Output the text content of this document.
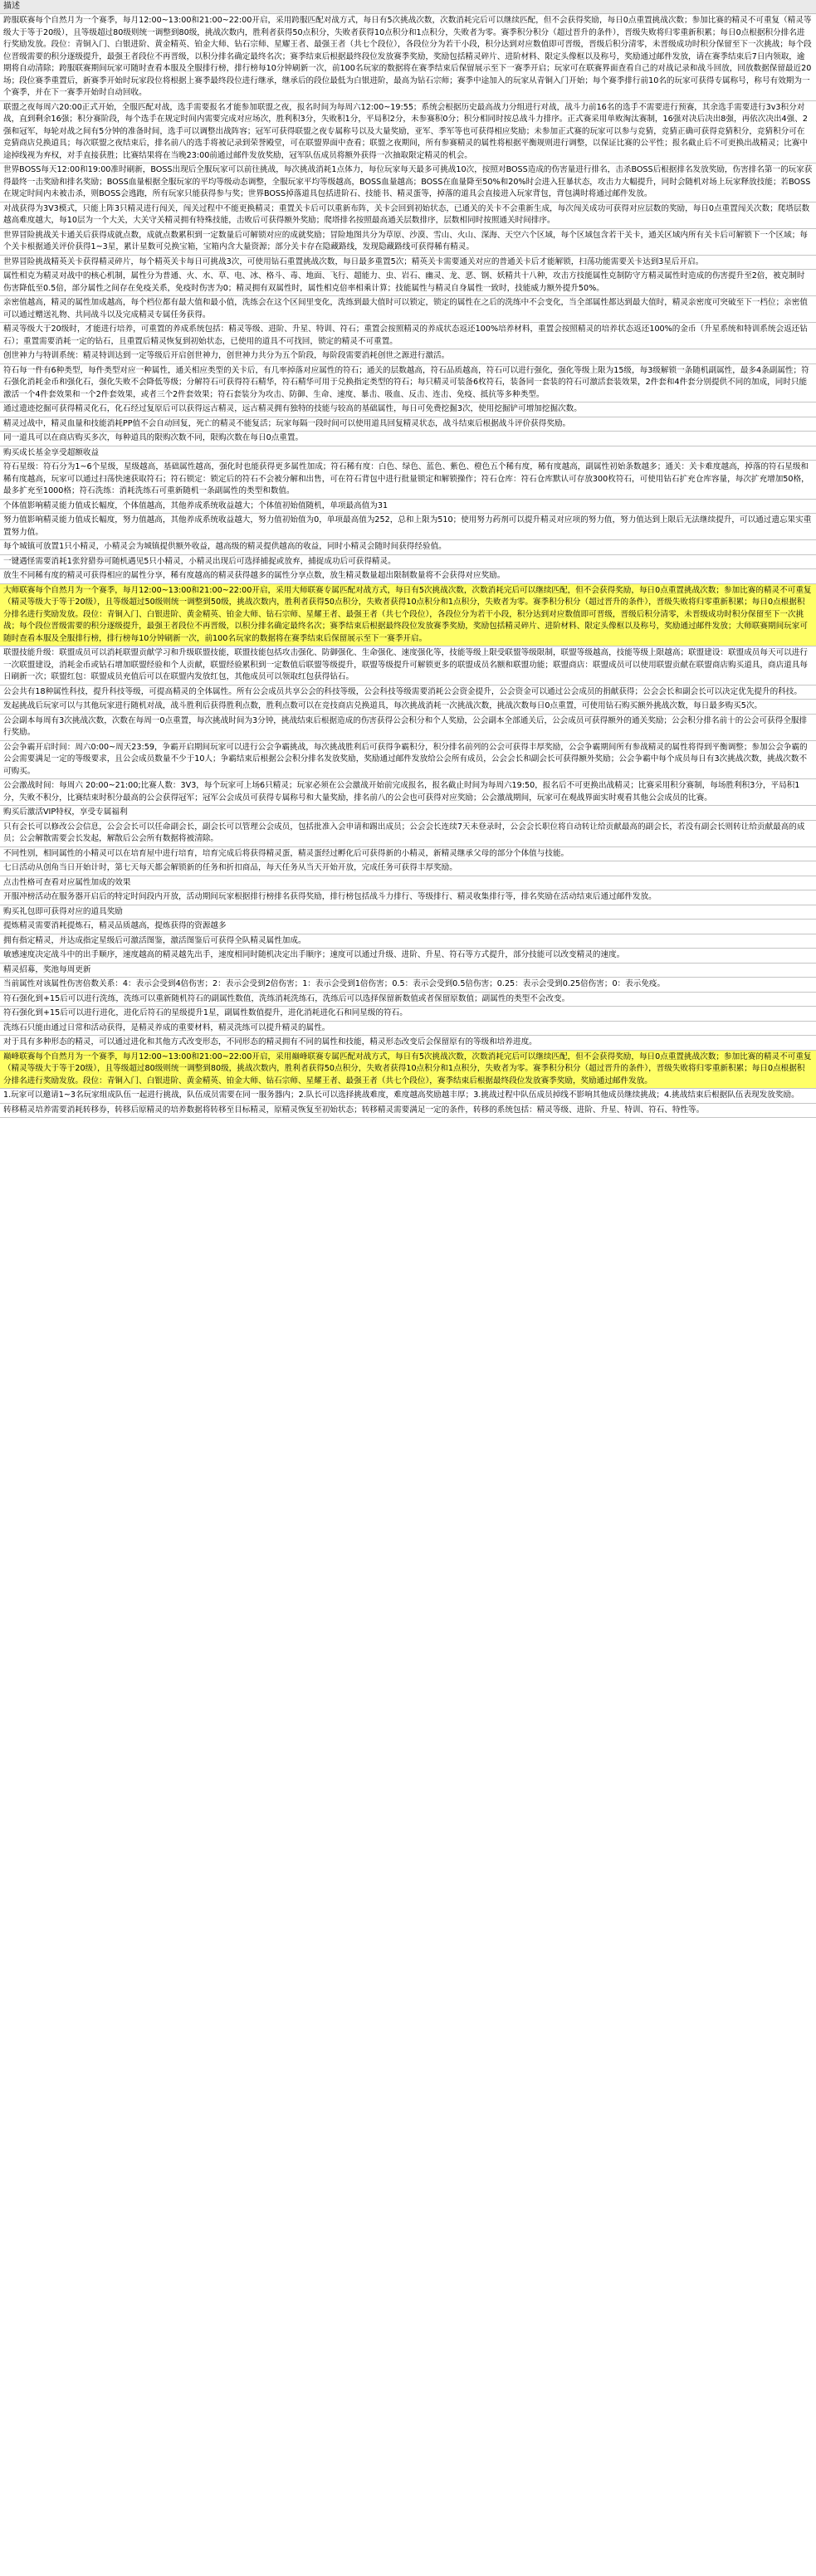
描述
跨服联赛每个自然月为一个赛季，每月12:00~13:00和21:00~22:00开启，采用跨服匹配对战方式，每日有5次挑战次数，次数消耗完后可以继续匹配，但不会获得奖励，每日0点重置挑战次数；参加比赛的精灵不可重复（精灵等级大于等于20级），且等级超过80级则统一调整到80级，挑战次数内，胜利者获得50点积分，失败者获得10点积分和1点积分，失败者为零。赛季积分积分（超过晋升的条件），晋级失败将归零重新积累；每日0点根据积分排名进行奖励发放。段位：青铜入门、白银进阶、黄金精英、铂金大师、钻石宗师、星耀王者、最强王者（共七个段位），各段位分为若干小段，积分达到对应数值即可晋级，晋级后积分清零，未晋级成功时积分保留至下一次挑战；每个段位晋级需要的积分逐级提升，最强王者段位不再晋级，以积分排名确定最终名次；赛季结束后根据最终段位发放赛季奖励，奖励包括精灵碎片、进阶材料、限定头像框以及称号，奖励通过邮件发放，请在赛季结束后7日内领取，逾期将自动清除；跨服联赛期间玩家可随时查看本服及全服排行榜，排行榜每10分钟刷新一次，前100名玩家的数据将在赛季结束后保留展示至下一赛季开启；玩家可在联赛界面查看自己的对战记录和战斗回放，回放数据保留最近20场；段位赛季重置后，新赛季开始时玩家段位将根据上赛季最终段位进行继承，继承后的段位最低为白银进阶，最高为钻石宗师；赛季中途加入的玩家从青铜入门开始；每个赛季排行前10名的玩家可获得专属称号，称号有效期为一个赛季，并在下一赛季开始时自动回收。
联盟之夜每周六20:00正式开始，全服匹配对战，选手需要报名才能参加联盟之夜，报名时间为每周六12:00~19:55；系统会根据历史最高战力分组进行对战，战斗力前16名的选手不需要进行预赛，其余选手需要进行3v3积分对战，直到剩余16强；积分赛阶段，每个选手在规定时间内需要完成对应场次，胜利积3分，失败积1分，平局积2分，未参赛积0分；积分相同时按总战斗力排序。正式赛采用单败淘汰赛制，16强对决后决出8强，再依次决出4强、2强和冠军，每轮对战之间有5分钟的准备时间，选手可以调整出战阵容；冠军可获得联盟之夜专属称号以及大量奖励，亚军、季军等也可获得相应奖励；未参加正式赛的玩家可以参与竞猜，竞猜正确可获得竞猜积分，竞猜积分可在竞猜商店兑换道具；每次联盟之夜结束后，排名前八的选手将被记录到荣誉殿堂，可在联盟界面中查看；联盟之夜期间，所有参赛精灵的属性将根据平衡规则进行调整，以保证比赛的公平性；报名截止后不可更换出战精灵；比赛中途掉线视为弃权，对手直接获胜；比赛结果将在当晚23:00前通过邮件发放奖励，冠军队伍成员将额外获得一次抽取限定精灵的机会。
世界BOSS每天12:00和19:00准时刷新，BOSS出现后全服玩家可以前往挑战，每次挑战消耗1点体力，每位玩家每天最多可挑战10次，按照对BOSS造成的伤害量进行排名，击杀BOSS后根据排名发放奖励，伤害排名第一的玩家获得最终一击奖励和排名奖励；BOSS血量根据全服玩家的平均等级动态调整，全服玩家平均等级越高，BOSS血量越高；BOSS在血量降至50%和20%时会进入狂暴状态，攻击力大幅提升，同时会随机对场上玩家释放技能；若BOSS在规定时间内未被击杀，则BOSS会逃跑，所有玩家只能获得参与奖；世界BOSS掉落道具包括进阶石、技能书、精灵蛋等，掉落的道具会直接进入玩家背包，背包满时将通过邮件发放。
对战获得为3V3模式，只能上阵3只精灵进行闯关，闯关过程中不能更换精灵；重置关卡后可以重新布阵，关卡会回到初始状态，已通关的关卡不会重新生成，每次闯关成功可获得对应层数的奖励，每日0点重置闯关次数；爬塔层数越高难度越大，每10层为一个大关，大关守关精灵拥有特殊技能，击败后可获得额外奖励；爬塔排名按照最高通关层数排序，层数相同时按照通关时间排序。
世界冒险挑战关卡通关后获得成就点数，成就点数累积到一定数量后可解锁对应的成就奖励；冒险地图共分为草原、沙漠、雪山、火山、深海、天空六个区域，每个区域包含若干关卡，通关区域内所有关卡后可解锁下一个区域；每个关卡根据通关评价获得1~3星，累计星数可兑换宝箱，宝箱内含大量资源；部分关卡存在隐藏路线，发现隐藏路线可获得稀有精灵。
世界冒险挑战精英关卡获得精灵碎片，每个精英关卡每日可挑战3次，可使用钻石重置挑战次数，每日最多重置5次；精英关卡需要通关对应的普通关卡后才能解锁，扫荡功能需要关卡达到3星后开启。
属性相克为精灵对战中的核心机制，属性分为普通、火、水、草、电、冰、格斗、毒、地面、飞行、超能力、虫、岩石、幽灵、龙、恶、钢、妖精共十八种，攻击方技能属性克制防守方精灵属性时造成的伤害提升至2倍，被克制时伤害降低至0.5倍，部分属性之间存在免疫关系，免疫时伤害为0；精灵拥有双属性时，属性相克倍率相乘计算；技能属性与精灵自身属性一致时，技能威力额外提升50%。
亲密值越高，精灵的属性加成越高，每个档位都有最大值和最小值，洗练会在这个区间里变化，洗练到最大值时可以锁定，锁定的属性在之后的洗练中不会变化，当全部属性都达到最大值时，精灵亲密度可突破至下一档位；亲密值可以通过赠送礼物、共同战斗以及完成精灵专属任务获得。
精灵等级大于20级时，才能进行培养，可重置的养成系统包括：精灵等级、进阶、升星、特训、符石；重置会按照精灵的养成状态返还100%培养材料，重置会按照精灵的培养状态返还100%的金币（升星系统和特训系统会返还钻石）；重置需要消耗一定的钻石，且重置后精灵恢复到初始状态，已使用的道具不可找回，锁定的精灵不可重置。
创世神力与特训系统：精灵特训达到一定等级后开启创世神力，创世神力共分为五个阶段，每阶段需要消耗创世之源进行激活。
符石每一件有6种类型，每件类型对应一种属性，通关相应类型的关卡后，有几率掉落对应属性的符石；通关的层数越高，符石品质越高，符石可以进行强化，强化等级上限为15级，每3级解锁一条随机副属性，最多4条副属性；符石强化消耗金币和强化石，强化失败不会降低等级；分解符石可获得符石精华，符石精华可用于兑换指定类型的符石；每只精灵可装备6枚符石，装备同一套装的符石可激活套装效果，2件套和4件套分别提供不同的加成，同时只能激活一个4件套效果和一个2件套效果，或者三个2件套效果；符石套装分为攻击、防御、生命、速度、暴击、吸血、反击、连击、免疫、抵抗等多种类型。
通过遗迹挖掘可获得精灵化石，化石经过复原后可以获得远古精灵，远古精灵拥有独特的技能与较高的基础属性，每日可免费挖掘3次，使用挖掘铲可增加挖掘次数。
精灵过战中，精灵血量和技能消耗PP值不会自动回复，死亡的精灵不能复活；玩家每隔一段时间可以使用道具回复精灵状态，战斗结束后根据战斗评价获得奖励。
同一道具可以在商店购买多次，每种道具的限购次数不同，限购次数在每日0点重置。
购买成长基金享受超额收益
符石星级：符石分为1~6个星级，星级越高，基础属性越高，强化时也能获得更多属性加成；符石稀有度：白色、绿色、蓝色、紫色、橙色五个稀有度，稀有度越高，副属性初始条数越多；通关：关卡难度越高，掉落的符石星级和稀有度越高，玩家可以通过扫荡快速获取符石；符石锁定：锁定后的符石不会被分解和出售，可在符石背包中进行批量锁定和解锁操作；符石仓库：符石仓库默认可存放300枚符石，可使用钻石扩充仓库容量，每次扩充增加50格，最多扩充至1000格；符石洗练：消耗洗练石可重新随机一条副属性的类型和数值。
个体值影响精灵能力值成长幅度，个体值越高，其他养成系统收益越大；个体值初始值随机，单项最高值为31
努力值影响精灵能力值成长幅度，努力值越高，其他养成系统收益越大，努力值初始值为0，单项最高值为252，总和上限为510；使用努力药剂可以提升精灵对应项的努力值，努力值达到上限后无法继续提升，可以通过遗忘果实重置努力值。
每个城镇可放置1只小精灵，小精灵会为城镇提供额外收益，越高级的精灵提供越高的收益，同时小精灵会随时间获得经验值。
一键遇怪需要消耗1张狩猎券可随机遇见5只小精灵，小精灵出现后可选择捕捉或放弃，捕捉成功后可获得精灵。
放生不同稀有度的精灵可获得相应的属性分享，稀有度越高的精灵获得越多的属性分享点数，放生精灵数量超出限制数量将不会获得对应奖励。
大师联赛每个自然月为一个赛季，每月12:00~13:00和21:00~22:00开启，采用大师联赛专属匹配对战方式，每日有5次挑战次数，次数消耗完后可以继续匹配，但不会获得奖励，每日0点重置挑战次数；参加比赛的精灵不可重复（精灵等级大于等于20级），且等级超过50级则统一调整到50级，挑战次数内，胜利者获得50点积分，失败者获得10点积分和1点积分，失败者为零。赛季积分积分（超过晋升的条件），晋级失败将归零重新积累；每日0点根据积分排名进行奖励发放。段位：青铜入门、白银进阶、黄金精英、铂金大师、钻石宗师、星耀王者、最强王者（共七个段位），各段位分为若干小段，积分达到对应数值即可晋级，晋级后积分清零，未晋级成功时积分保留至下一次挑战；每个段位晋级需要的积分逐级提升，最强王者段位不再晋级，以积分排名确定最终名次；赛季结束后根据最终段位发放赛季奖励，奖励包括精灵碎片、进阶材料、限定头像框以及称号，奖励通过邮件发放；大师联赛期间玩家可随时查看本服及全服排行榜，排行榜每10分钟刷新一次，前100名玩家的数据将在赛季结束后保留展示至下一赛季开启。
联盟技能升级：联盟成员可以消耗联盟贡献学习和升级联盟技能，联盟技能包括攻击强化、防御强化、生命强化、速度强化等，技能等级上限受联盟等级限制，联盟等级越高，技能等级上限越高；联盟建设：联盟成员每天可以进行一次联盟建设，消耗金币或钻石增加联盟经验和个人贡献，联盟经验累积到一定数值后联盟等级提升，联盟等级提升可解锁更多的联盟成员名额和联盟功能；联盟商店：联盟成员可以使用联盟贡献在联盟商店购买道具，商店道具每日刷新一次；联盟红包：联盟成员充值后可以在联盟内发放红包，其他成员可以领取红包获得钻石。
公会共有18种属性科技，提升科技等级，可提高精灵的全体属性。所有公会成员共享公会的科技等级，公会科技等级需要消耗公会资金提升，公会资金可以通过公会成员的捐献获得；公会会长和副会长可以决定优先提升的科技。
发起挑战后玩家可以与其他玩家进行随机对战，战斗胜利后获得胜利点数，胜利点数可以在竞技商店兑换道具，每次挑战消耗一次挑战次数，挑战次数每日0点重置，可使用钻石购买额外挑战次数，每日最多购买5次。
公会副本每周有3次挑战次数，次数在每周一0点重置，每次挑战时间为3分钟，挑战结束后根据造成的伤害获得公会积分和个人奖励，公会副本全部通关后，公会成员可获得额外的通关奖励；公会积分排名前十的公会可获得全服排行奖励。
公会争霸开启时间：周六0:00~周天23:59，争霸开启期间玩家可以进行公会争霸挑战，每次挑战胜利后可获得争霸积分，积分排名前列的公会可获得丰厚奖励，公会争霸期间所有参战精灵的属性将得到平衡调整；参加公会争霸的公会需要满足一定的等级要求，且公会成员数量不少于10人；争霸结束后根据公会积分排名发放奖励，奖励通过邮件发放给公会所有成员，公会会长和副会长可获得额外奖励；公会争霸中每个成员每日有3次挑战次数，挑战次数不可购买。
公会激战时间：每周六 20:00~21:00;比赛人数：3V3，每个玩家可上场6只精灵；玩家必须在公会激战开始前完成报名，报名截止时间为每周六19:50，报名后不可更换出战精灵；比赛采用积分赛制，每场胜利积3分，平局积1分，失败不积分，比赛结束时积分最高的公会获得冠军；冠军公会成员可获得专属称号和大量奖励，排名前八的公会也可获得对应奖励；公会激战期间，玩家可在观战界面实时观看其他公会成员的比赛。
购买后激活VIP特权，享受专属福利
只有会长可以修改公会信息，公会会长可以任命副会长，副会长可以管理公会成员，包括批准入会申请和踢出成员；公会会长连续7天未登录时，公会会长职位将自动转让给贡献最高的副会长，若没有副会长则转让给贡献最高的成员；公会解散需要会长发起，解散后公会所有数据将被清除。
不同性别，相同属性的小精灵可以在培育屋中进行培育，培育完成后将获得精灵蛋，精灵蛋经过孵化后可获得新的小精灵，新精灵继承父母的部分个体值与技能。
七日活动从创角当日开始计时，第七天每天都会解锁新的任务和折扣商品，每天任务从当天开始开放，完成任务可获得丰厚奖励。
点击性格可查看对应属性加成的效果
开服冲榜活动在服务器开启后的特定时间段内开放，活动期间玩家根据排行榜排名获得奖励，排行榜包括战斗力排行、等级排行、精灵收集排行等，排名奖励在活动结束后通过邮件发放。
购买礼包即可获得对应的道具奖励
提炼精灵需要消耗提炼石，精灵品质越高，提炼获得的资源越多
拥有指定精灵，并达成指定星级后可激活图鉴，激活图鉴后可获得全队精灵属性加成。
敏感速度决定战斗中的出手顺序，速度越高的精灵越先出手，速度相同时随机决定出手顺序；速度可以通过升级、进阶、升星、符石等方式提升，部分技能可以改变精灵的速度。
精灵招募，奖池每周更新
当前属性对该属性伤害倍数关系：4：表示会受到4倍伤害；2：表示会受到2倍伤害；1：表示会受到1倍伤害；0.5：表示会受到0.5倍伤害；0.25：表示会受到0.25倍伤害；0：表示免疫。
符石强化到+15后可以进行洗练，洗练可以重新随机符石的副属性数值，洗练消耗洗练石，洗练后可以选择保留新数值或者保留原数值；副属性的类型不会改变。
符石强化到+15后可以进行进化，进化后符石的星级提升1星，副属性数值提升，进化消耗进化石和同星级的符石。
洗练石只能由通过日常和活动获得，是精灵养成的重要材料，精灵洗练可以提升精灵的属性。
对于具有多种形态的精灵，可以通过进化和其他方式改变形态，不同形态的精灵拥有不同的属性和技能，精灵形态改变后会保留原有的等级和培养进度。
巅峰联赛每个自然月为一个赛季，每月12:00~13:00和21:00~22:00开启，采用巅峰联赛专属匹配对战方式，每日有5次挑战次数，次数消耗完后可以继续匹配，但不会获得奖励，每日0点重置挑战次数；参加比赛的精灵不可重复（精灵等级大于等于20级），且等级超过80级则统一调整到80级，挑战次数内，胜利者获得50点积分，失败者获得10点积分和1点积分，失败者为零。赛季积分积分（超过晋升的条件），晋级失败将归零重新积累；每日0点根据积分排名进行奖励发放。段位：青铜入门、白银进阶、黄金精英、铂金大师、钻石宗师、星耀王者、最强王者（共七个段位），赛季结束后根据最终段位发放赛季奖励，奖励通过邮件发放。
1.玩家可以邀请1~3名玩家组成队伍一起进行挑战，队伍成员需要在同一服务器内；2.队长可以选择挑战难度，难度越高奖励越丰厚；3.挑战过程中队伍成员掉线不影响其他成员继续挑战；4.挑战结束后根据队伍表现发放奖励。
转移精灵培养需要消耗转移券，转移后原精灵的培养数据将转移至目标精灵，原精灵恢复至初始状态；转移精灵需要满足一定的条件，转移的系统包括：精灵等级、进阶、升星、特训、符石、特性等。
